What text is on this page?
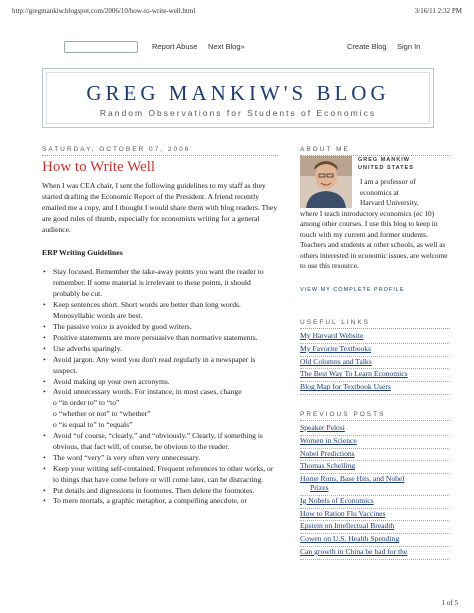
http://gregmankiw.blogspot.com/2006/10/how-to-write-well.html	3/16/11 2:32 PM
Report Abuse Next Blog»	Create Blog Sign In
GREG MANKIW'S BLOG
Random Observations for Students of Economics
SATURDAY, OCTOBER 07, 2006
How to Write Well

When I was CEA chair, I sent the following guidelines to my staff as they started drafting the Economic Report of the President. A friend recently emailed me a copy, and I thought I would share them with blog readers. They are good rules of thumb, especially for economists writing for a general audience.

ERP Writing Guidelines
• Stay focused. Remember the take-away points you want the reader to remember. If some material is irrelevant to these points, it should probably be cut.
• Keep sentences short. Short words are better than long words. Monosyllabic words are best.
• The passive voice is avoided by good writers.
• Positive statements are more persuasive than normative statements.
• Use adverbs sparingly.
• Avoid jargon. Any word you don't read regularly in a newspaper is suspect.
• Avoid making up your own acronyms.
• Avoid unnecessary words. For instance, in most cases, change
o “in order to” to “to”
o “whether or not” to “whether”
o “is equal to” to “equals”
• Avoid “of course, “clearly,” and “obviously.” Clearly, if something is obvious, that fact will, of course, be obvious to the reader.
• The word “very” is very often very unnecessary.
• Keep your writing self-contained. Frequent references to other works, or to things that have come before or will come later, can be distracting.
• Put details and digressions in footnotes. Then delete the footnotes.
• To mere mortals, a graphic metaphor, a compelling anecdote, or
ABOUT ME
GREG MANKIW
UNITED STATES
I am a professor of
economics at
Harvard University,
where I teach introductory economics (ec 10) among other courses. I use this blog to keep in touch with my current and former students. Teachers and students at other schools, as well as others interested in economic issues, are welcome to use this resource.
VIEW MY COMPLETE PROFILE
USEFUL LINKS
My Harvard Website
My Favorite Textbooks
Old Columns and Talks
The Best Way To Learn Economics
Blog Map for Textbook Users
PREVIOUS POSTS
Speaker Pelosi
Women in Science
Nobel Predictions
Thomas Schelling
Home Runs, Base Hits, and Nobel
Prizes
Ig Nobels of Economics
How to Ration Flu Vaccines
Epstein on Intellectual Breadth
Cowen on U.S. Health Spending
Can growth in China be bad for the
1 of 5
